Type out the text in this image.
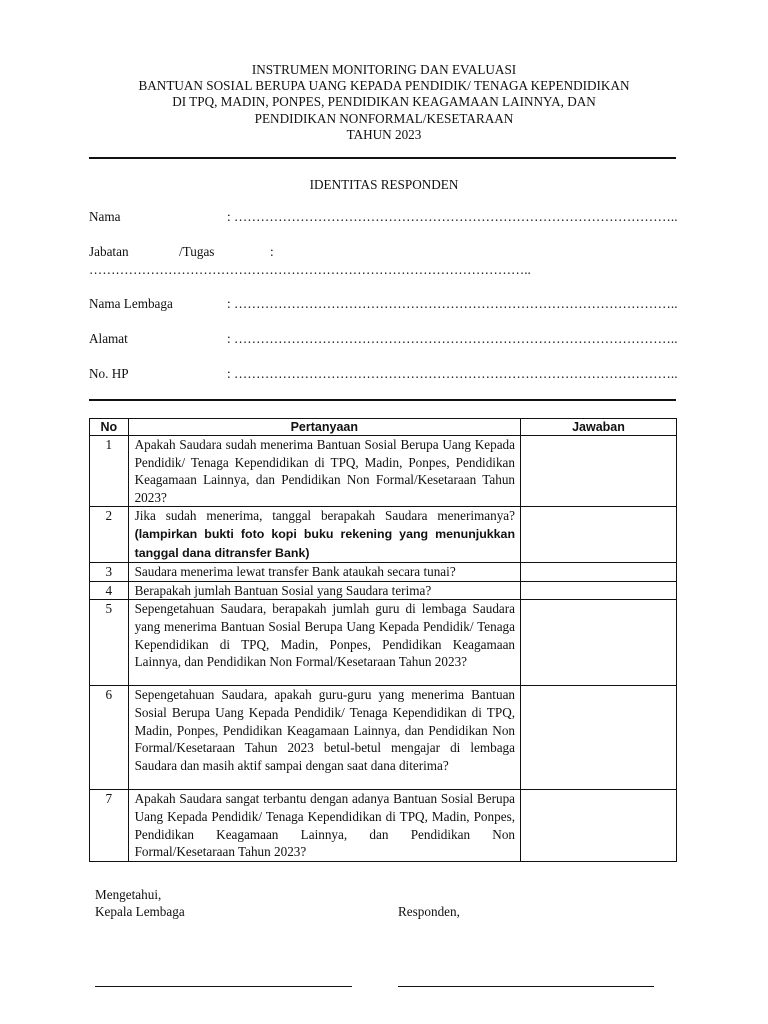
INSTRUMEN MONITORING DAN EVALUASI
BANTUAN SOSIAL BERUPA UANG KEPADA PENDIDIK/ TENAGA KEPENDIDIKAN
DI TPQ, MADIN, PONPES, PENDIDIKAN KEAGAMAAN LAINNYA, DAN
PENDIDIKAN NONFORMAL/KESETARAAN
TAHUN 2023
IDENTITAS RESPONDEN
Nama	: ………………………………………………………………………………………..
Jabatan	/Tugas	:
………………………………………………………………………………………..
Nama Lembaga	: ………………………………………………………………………………………..
Alamat	: ………………………………………………………………………………………..
No. HP	: ………………………………………………………………………………………..
No	Pertanyaan	Jawaban
1	Apakah Saudara sudah menerima Bantuan Sosial Berupa Uang Kepada Pendidik/ Tenaga Kependidikan di TPQ, Madin, Ponpes, Pendidikan Keagamaan Lainnya, dan Pendidikan Non Formal/Kesetaraan Tahun 2023?	
2	Jika sudah menerima, tanggal berapakah Saudara menerimanya? (lampirkan bukti foto kopi buku rekening yang menunjukkan tanggal dana ditransfer Bank)	
3	Saudara menerima lewat transfer Bank ataukah secara tunai?	
4	Berapakah jumlah Bantuan Sosial yang Saudara terima?	
5	Sepengetahuan Saudara, berapakah jumlah guru di lembaga Saudara yang menerima Bantuan Sosial Berupa Uang Kepada Pendidik/ Tenaga Kependidikan di TPQ, Madin, Ponpes, Pendidikan Keagamaan Lainnya, dan Pendidikan Non Formal/Kesetaraan Tahun 2023?	
6	Sepengetahuan Saudara, apakah guru-guru yang menerima Bantuan Sosial Berupa Uang Kepada Pendidik/ Tenaga Kependidikan di TPQ, Madin, Ponpes, Pendidikan Keagamaan Lainnya, dan Pendidikan Non Formal/Kesetaraan Tahun 2023 betul-betul mengajar di lembaga Saudara dan masih aktif sampai dengan saat dana diterima?	
7	Apakah Saudara sangat terbantu dengan adanya Bantuan Sosial Berupa Uang Kepada Pendidik/ Tenaga Kependidikan di TPQ, Madin, Ponpes, Pendidikan Keagamaan Lainnya, dan Pendidikan Non Formal/Kesetaraan Tahun 2023?	
Mengetahui,
Kepala Lembaga	Responden,
